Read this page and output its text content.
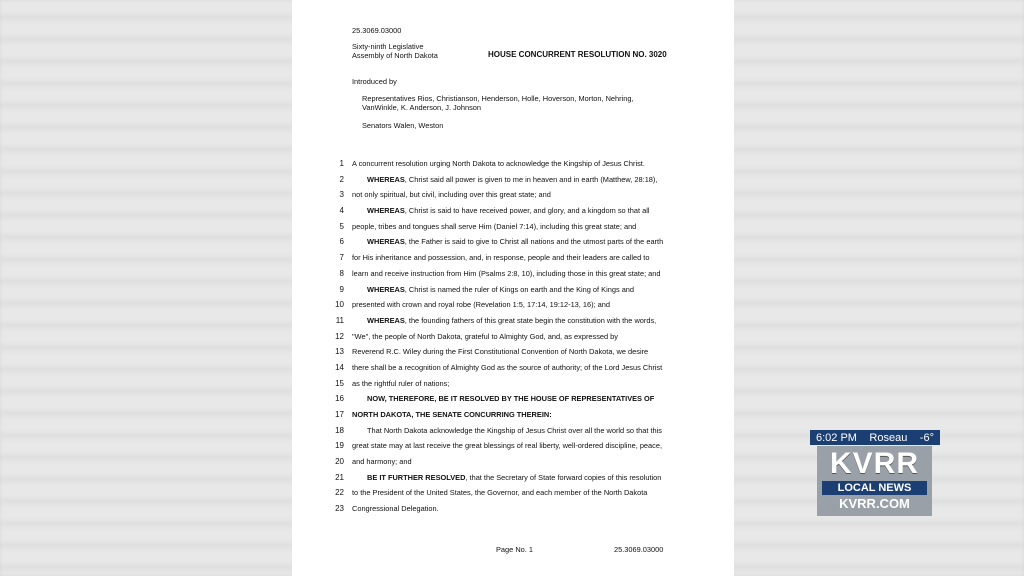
25.3069.03000
Sixty-ninth Legislative Assembly of North Dakota	HOUSE CONCURRENT RESOLUTION NO. 3020
Introduced by
Representatives Rios, Christianson, Henderson, Holle, Hoverson, Morton, Nehring, VanWinkle, K. Anderson, J. Johnson
Senators Walen, Weston
1 A concurrent resolution urging North Dakota to acknowledge the Kingship of Jesus Christ.
2	WHEREAS, Christ said all power is given to me in heaven and in earth (Matthew, 28:18),
3 not only spiritual, but civil, including over this great state; and
4	WHEREAS, Christ is said to have received power, and glory, and a kingdom so that all
5 people, tribes and tongues shall serve Him (Daniel 7:14), including this great state; and
6	WHEREAS, the Father is said to give to Christ all nations and the utmost parts of the earth
7 for His inheritance and possession, and, in response, people and their leaders are called to
8 learn and receive instruction from Him (Psalms 2:8, 10), including those in this great state; and
9	WHEREAS, Christ is named the ruler of Kings on earth and the King of Kings and
10 presented with crown and royal robe (Revelation 1:5, 17:14, 19:12-13, 16); and
11	WHEREAS, the founding fathers of this great state begin the constitution with the words,
12 "We", the people of North Dakota, grateful to Almighty God, and, as expressed by
13 Reverend R.C. Wiley during the First Constitutional Convention of North Dakota, we desire
14 there shall be a recognition of Almighty God as the source of authority; of the Lord Jesus Christ
15 as the rightful ruler of nations;
16	NOW, THEREFORE, BE IT RESOLVED BY THE HOUSE OF REPRESENTATIVES OF
17 NORTH DAKOTA, THE SENATE CONCURRING THEREIN:
18	That North Dakota acknowledge the Kingship of Jesus Christ over all the world so that this
19 great state may at last receive the great blessings of real liberty, well-ordered discipline, peace,
20 and harmony; and
21	BE IT FURTHER RESOLVED, that the Secretary of State forward copies of this resolution
22 to the President of the United States, the Governor, and each member of the North Dakota
23 Congressional Delegation.
Page No. 1	25.3069.03000
6:02 PM Roseau -6°
KVRR
LOCAL NEWS
KVRR.COM
